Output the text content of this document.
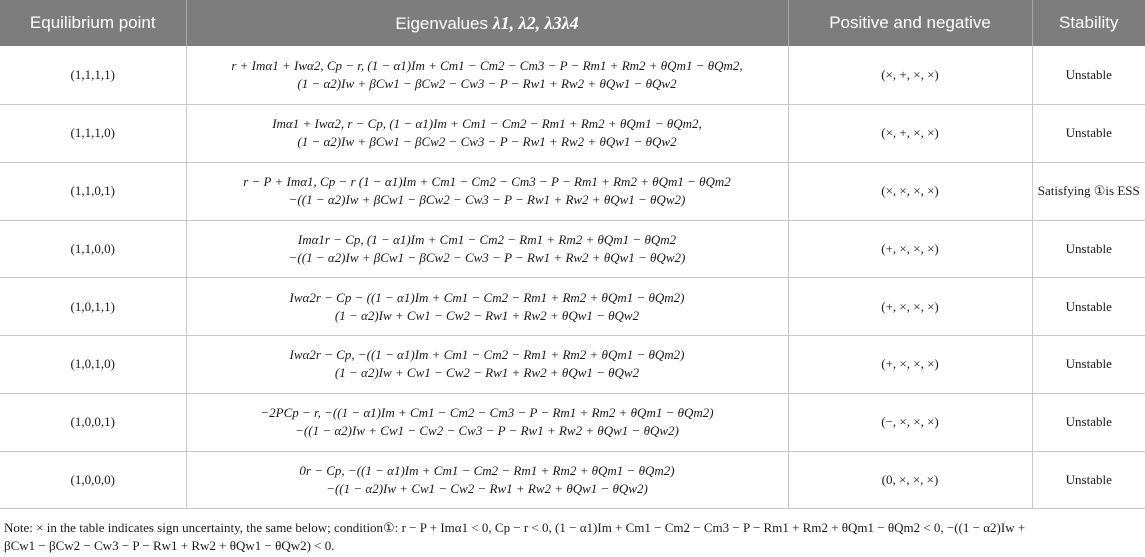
Equilibrium point	Eigenvalues λ1, λ2, λ3λ4	Positive and negative	Stability
(1,1,1,1)	r + Imα1 + Iwα2, Cp − r, (1 − α1)Im + Cm1 − Cm2 − Cm3 − P − Rm1 + Rm2 + θQm1 − θQm2,
(1 − α2)Iw + βCw1 − βCw2 − Cw3 − P − Rw1 + Rw2 + θQw1 − θQw2	(×, +, ×, ×)	Unstable
(1,1,1,0)	Imα1 + Iwα2, r − Cp, (1 − α1)Im + Cm1 − Cm2 − Rm1 + Rm2 + θQm1 − θQm2,
(1 − α2)Iw + βCw1 − βCw2 − Cw3 − P − Rw1 + Rw2 + θQw1 − θQw2	(×, +, ×, ×)	Unstable
(1,1,0,1)	r − P + Imα1, Cp − r (1 − α1)Im + Cm1 − Cm2 − Cm3 − P − Rm1 + Rm2 + θQm1 − θQm2
−((1 − α2)Iw + βCw1 − βCw2 − Cw3 − P − Rw1 + Rw2 + θQw1 − θQw2)	(×, ×, ×, ×)	Satisfying ①is ESS
(1,1,0,0)	Imα1r − Cp, (1 − α1)Im + Cm1 − Cm2 − Rm1 + Rm2 + θQm1 − θQm2
−((1 − α2)Iw + βCw1 − βCw2 − Cw3 − P − Rw1 + Rw2 + θQw1 − θQw2)	(+, ×, ×, ×)	Unstable
(1,0,1,1)	Iwα2r − Cp − ((1 − α1)Im + Cm1 − Cm2 − Rm1 + Rm2 + θQm1 − θQm2)
(1 − α2)Iw + Cw1 − Cw2 − Rw1 + Rw2 + θQw1 − θQw2	(+, ×, ×, ×)	Unstable
(1,0,1,0)	Iwα2r − Cp, −((1 − α1)Im + Cm1 − Cm2 − Rm1 + Rm2 + θQm1 − θQm2)
(1 − α2)Iw + Cw1 − Cw2 − Rw1 + Rw2 + θQw1 − θQw2	(+, ×, ×, ×)	Unstable
(1,0,0,1)	−2PCp − r, −((1 − α1)Im + Cm1 − Cm2 − Cm3 − P − Rm1 + Rm2 + θQm1 − θQm2)
−((1 − α2)Iw + Cw1 − Cw2 − Cw3 − P − Rw1 + Rw2 + θQw1 − θQw2)	(−, ×, ×, ×)	Unstable
(1,0,0,0)	0r − Cp, −((1 − α1)Im + Cm1 − Cm2 − Rm1 + Rm2 + θQm1 − θQm2)
−((1 − α2)Iw + Cw1 − Cw2 − Rw1 + Rw2 + θQw1 − θQw2)	(0, ×, ×, ×)	Unstable
Note: × in the table indicates sign uncertainty, the same below; condition①: r − P + Imα1 < 0, Cp − r < 0, (1 − α1)Im + Cm1 − Cm2 − Cm3 − P − Rm1 + Rm2 + θQm1 − θQm2 < 0, −((1 − α2)Iw +
βCw1 − βCw2 − Cw3 − P − Rw1 + Rw2 + θQw1 − θQw2) < 0.
